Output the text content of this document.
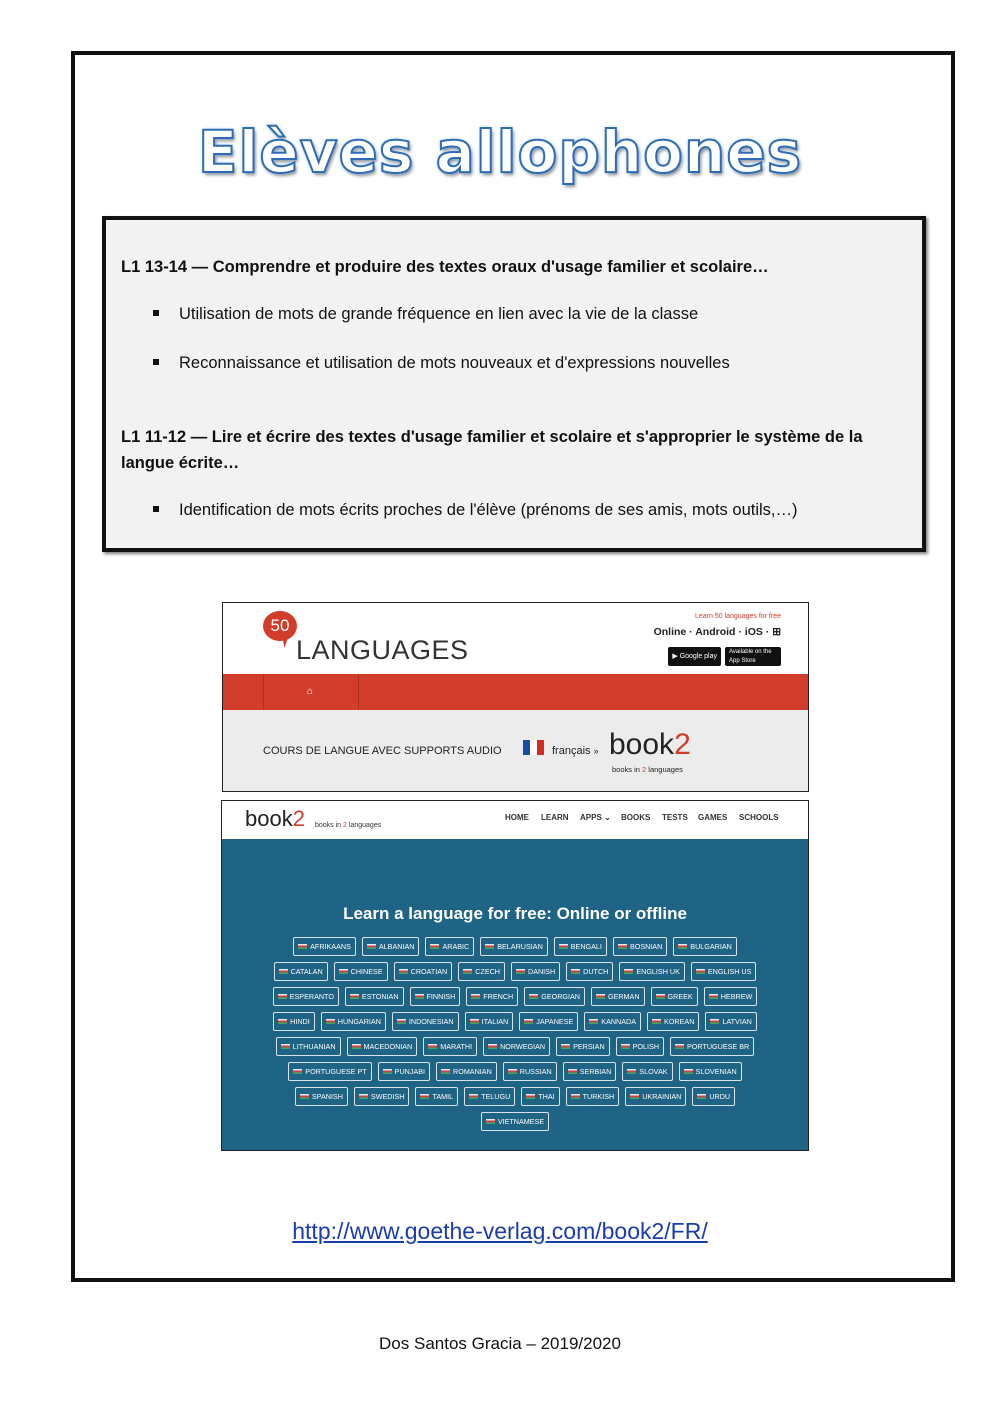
Elèves allophones
L1 13-14 — Comprendre et produire des textes oraux d'usage familier et scolaire…
Utilisation de mots de grande fréquence en lien avec la vie de la classe
Reconnaissance et utilisation de mots nouveaux et d'expressions nouvelles
L1 11-12 — Lire et écrire des textes d'usage familier et scolaire et s'approprier le système de la langue écrite…
Identification de mots écrits proches de l'élève (prénoms de ses amis, mots outils,…)
50
LANGUAGES
Learn 50 languages for free
Online · Android · iOS · ⊞
▶ Google play
Available on the App Store
⌂
COURS DE LANGUE AVEC SUPPORTS AUDIO	français » book2
books in 2 languages
book2 books in 2 languages
HOME LEARN APPS ⌄ BOOKS TESTS GAMES SCHOOLS
Learn a language for free: Online or offline
AFRIKAANS	ALBANIAN	ARABIC	BELARUSIAN	BENGALI	BOSNIAN	BULGARIAN
CATALAN	CHINESE	CROATIAN	CZECH	DANISH	DUTCH	ENGLISH UK	ENGLISH US
ESPERANTO	ESTONIAN	FINNISH	FRENCH	GEORGIAN	GERMAN	GREEK	HEBREW
HINDI	HUNGARIAN	INDONESIAN	ITALIAN	JAPANESE	KANNADA	KOREAN	LATVIAN
LITHUANIAN	MACEDONIAN	MARATHI	NORWEGIAN	PERSIAN	POLISH	PORTUGUESE BR
PORTUGUESE PT	PUNJABI	ROMANIAN	RUSSIAN	SERBIAN	SLOVAK	SLOVENIAN
SPANISH	SWEDISH	TAMIL	TELUGU	THAI	TURKISH	UKRAINIAN	URDU
VIETNAMESE
http://www.goethe-verlag.com/book2/FR/
Dos Santos Gracia – 2019/2020
